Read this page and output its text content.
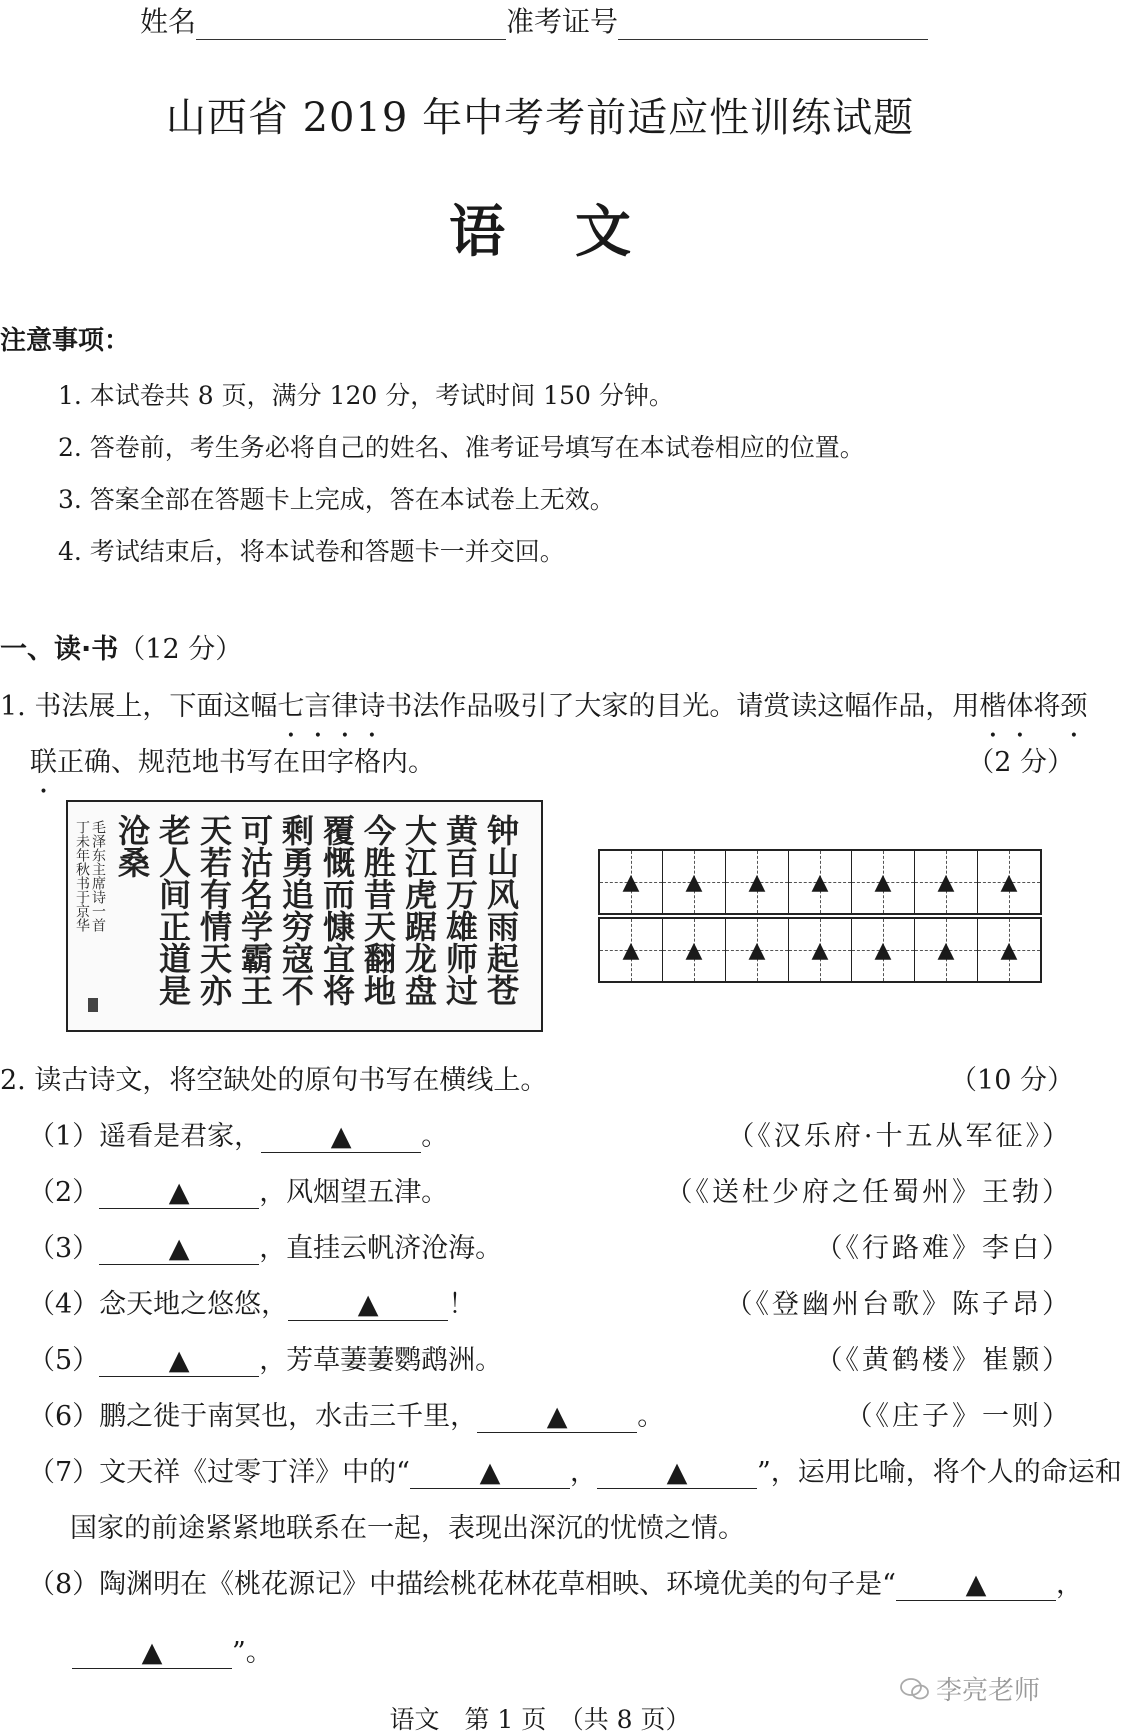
姓名	准考证号
山西省 2019 年中考考前适应性训练试题
语文
注意事项：
1. 本试卷共 8 页，满分 120 分，考试时间 150 分钟。
2. 答卷前，考生务必将自己的姓名、准考证号填写在本试卷相应的位置。
3. 答案全部在答题卡上完成，答在本试卷上无效。
4. 考试结束后，将本试卷和答题卡一并交回。
一、读·书（12 分）
1. 书法展上，下面这幅七言律诗书法作品吸引了大家的目光。请赏读这幅作品，用楷体将颈
联正确、规范地书写在田字格内。	（2 分）
钟山风雨起苍
黄百万雄师过
大江虎踞龙盘
今胜昔天翻地
覆慨而慷宜将
剩勇追穷寇不
可沽名学霸王
天若有情天亦
老人间正道是
沧桑
毛泽东主席诗一首
丁未年秋书于京华	▲ ▲ ▲ ▲ ▲ ▲ ▲
▲ ▲ ▲ ▲ ▲ ▲ ▲
2. 读古诗文，将空缺处的原句书写在横线上。	（10 分）
（1）遥看是君家，	▲	。	（《汉乐府·十五从军征》）
（2）	▲	，风烟望五津。	（《送杜少府之任蜀州》王勃）
（3）	▲	，直挂云帆济沧海。	（《行路难》李白）
（4）念天地之悠悠，	▲	！	（《登幽州台歌》陈子昂）
（5）	▲	，芳草萋萋鹦鹉洲。	（《黄鹤楼》崔颢）
（6）鹏之徙于南冥也，水击三千里，	▲	。	（《庄子》一则）
（7）文天祥《过零丁洋》中的“	▲	，	▲	”，运用比喻，将个人的命运和
国家的前途紧紧地联系在一起，表现出深沉的忧愤之情。
（8）陶渊明在《桃花源记》中描绘桃花林花草相映、环境优美的句子是“	▲	，
▲	”。
李亮老师
语文　第 1 页　（共 8 页）
